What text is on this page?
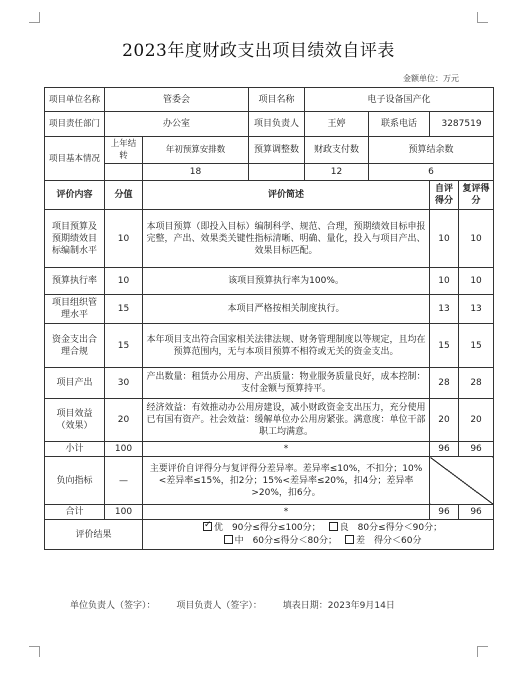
2023年度财政支出项目绩效自评表
金额单位：万元
项目单位名称	管委会		项目名称	电子设备国产化			
项目责任部门	办公室		项目负责人	王婷	联系电话	3287519	
项目基本情况	上年结转	年初预算安排数	预算调整数	财政支付数	预算结余数		
		18		12	6		
评价内容	分值	评价简述				自评得分	复评得分
项目预算及预期绩效目标编制水平	10	本项目预算（即投入目标）编制科学、规范、合理，预期绩效目标申报完整，产出、效果类关键性指标清晰、明确、量化，投入与项目产出、效果目标匹配。				10	10
预算执行率	10	该项目预算执行率为100%。				10	10
项目组织管理水平	15	本项目严格按相关制度执行。				13	13
资金支出合理合规	15	本年项目支出符合国家相关法律法规、财务管理制度以等规定，且均在预算范围内，无与本项目预算不相符或无关的资金支出。				15	15
项目产出	30	产出数量：租赁办公用房、产出质量：物业服务质量良好，成本控制：支付金额与预算持平。				28	28
项目效益（效果）	20	经济效益：有效推动办公用房建设，减小财政资金支出压力，充分使用已有国有资产。社会效益：缓解单位办公用房紧张。满意度：单位干部职工均满意。				20	20
小计	100	*				96	96
负向指标	—	主要评价自评得分与复评得分差异率。差异率≤10%，不扣分；10%<差异率≤15%，扣2分；15%<差异率≤20%，扣4分；差异率>20%，扣6分。					
合计	100	*				96	96
评价结果	✓优　90分≤得分≤100分； 良　80分≤得分＜90分；
中　60分≤得分＜80分； 差　得分＜60分
单位负责人（签字）： 项目负责人（签字）： 填表日期：2023年9月14日
